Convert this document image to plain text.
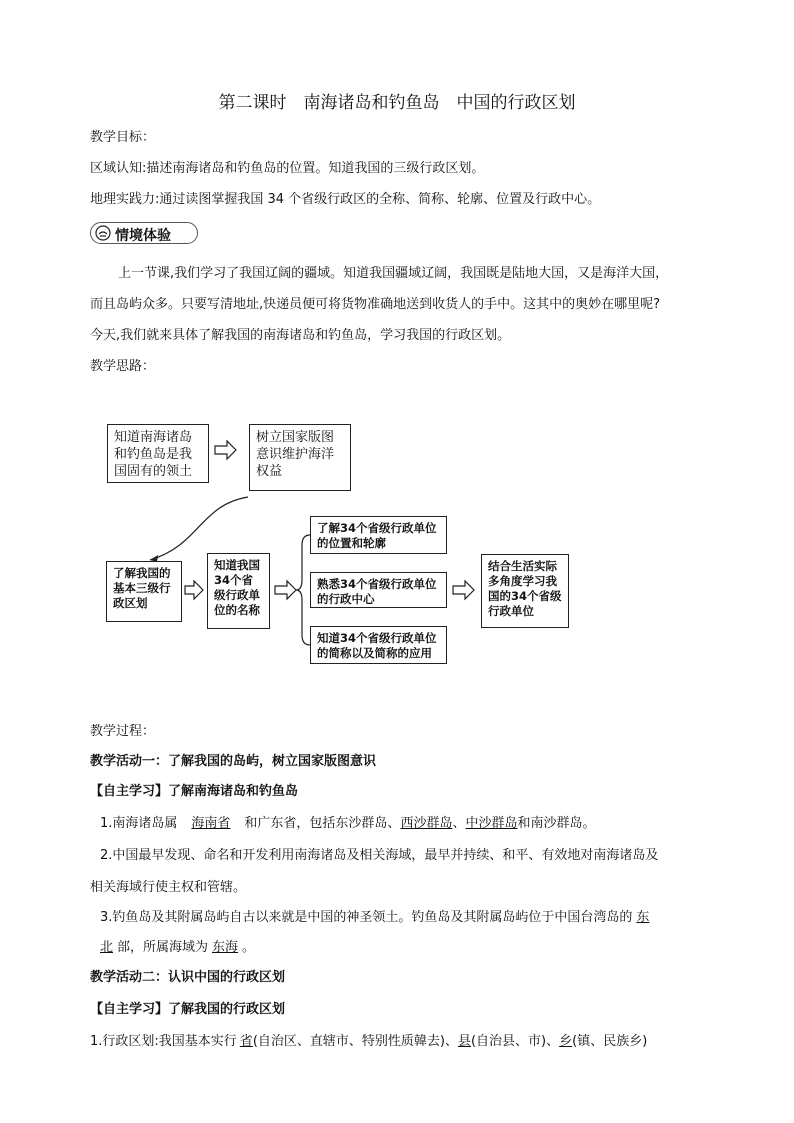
第二课时　南海诸岛和钓鱼岛　中国的行政区划
教学目标：
区域认知:描述南海诸岛和钓鱼岛的位置。知道我国的三级行政区划。
地理实践力:通过读图掌握我国 34 个省级行政区的全称、简称、轮廓、位置及行政中心。
情境体验
上一节课,我们学习了我国辽阔的疆域。知道我国疆域辽阔，我国既是陆地大国，又是海洋大国，
而且岛屿众多。只要写清地址,快递员便可将货物准确地送到收货人的手中。这其中的奥妙在哪里呢?
今天,我们就来具体了解我国的南海诸岛和钓鱼岛，学习我国的行政区划。
教学思路：
知道南海诸岛和钓鱼岛是我国固有的领土
树立国家版图意识维护海洋权益
了解我国的基本三级行政区划
知道我国34个省级行政单位的名称
了解34个省级行政单位的位置和轮廓
熟悉34个省级行政单位的行政中心
知道34个省级行政单位的简称以及简称的应用
结合生活实际多角度学习我国的34个省级行政单位
教学过程：
教学活动一：了解我国的岛屿，树立国家版图意识
【自主学习】了解南海诸岛和钓鱼岛
1.南海诸岛属 海南省 和广东省，包括东沙群岛、西沙群岛、中沙群岛和南沙群岛。
2.中国最早发现、命名和开发利用南海诸岛及相关海域，最早并持续、和平、有效地对南海诸岛及
相关海域行使主权和管辖。
3.钓鱼岛及其附属岛屿自古以来就是中国的神圣领土。钓鱼岛及其附属岛屿位于中国台湾岛的 东
北 部，所属海域为 东海 。
教学活动二：认识中国的行政区划
【自主学习】了解我国的行政区划
1.行政区划:我国基本实行 省(自治区、直辖市、特别性质韓去)、县(自治县、市)、乡(镇、民族乡)
